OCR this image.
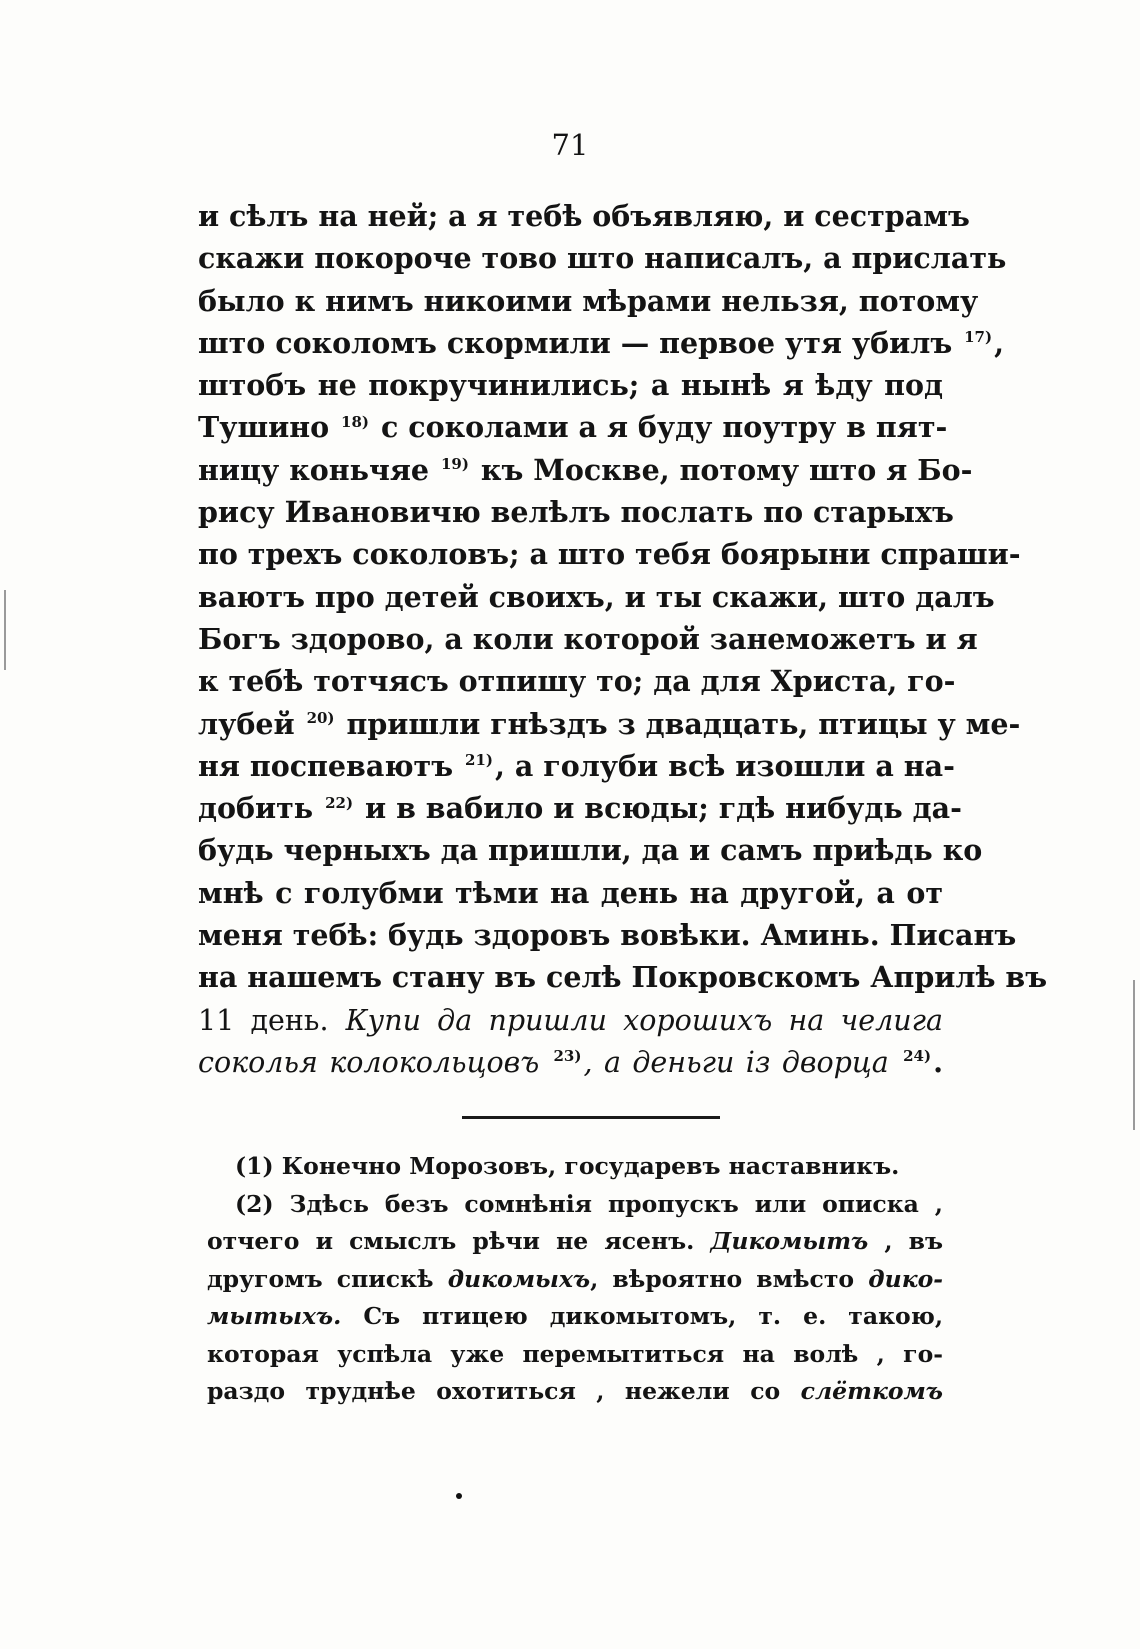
71
и сѣлъ на ней; а я тебѣ объявляю, и сестрамъ
скажи покороче тово што написалъ, а прислать
было к нимъ никоими мѣрами нельзя, потому
што соколомъ скормили — первое утя убилъ $^{17)}$,
штобъ не покручинились; а нынѣ я ѣду под
Тушино $^{18)}$ с соколами а я буду поутру в пят-
ницу коньчяе $^{19)}$ къ Москве, потому што я Бо-
рису Ивановичю велѣлъ послать по старыхъ
по трехъ соколовъ; а што тебя боярыни спраши-
ваютъ про детей своихъ, и ты скажи, што далъ
Богъ здорово, а коли которой занеможетъ и я
к тебѣ тотчясъ отпишу то; да для Христа, го-
лубей $^{20)}$ пришли гнѣздъ з двадцать, птицы у ме-
ня поспеваютъ $^{21)}$, а голуби всѣ изошли а на-
добить $^{22)}$ и в вабило и всюды; гдѣ нибудь да-
будь черныхъ да пришли, да и самъ приѣдь ко
мнѣ с голубми тѣми на день на другой, а от
меня тебѣ: будь здоровъ вовѣки. Аминь. Писанъ
на нашемъ стану въ селѣ Покровскомъ Априлѣ въ
11 день. Купи да пришли хорошихъ на челига
соколья колокольцовъ $^{23)}$, а деньги iз дворца $^{24)}$.
(1) Конечно Морозовъ, государевъ наставникъ.
(2) Здѣсь безъ сомнѣнія пропускъ или описка ,
отчего и смыслъ рѣчи не ясенъ. Дикомытъ , въ
другомъ спискѣ дикомыхъ, вѣроятно вмѣсто дико-
мытыхъ. Съ птицею дикомытомъ, т. е. такою,
которая успѣла уже перемытиться на волѣ , го-
раздо труднѣе охотиться , нежели со слёткомъ
